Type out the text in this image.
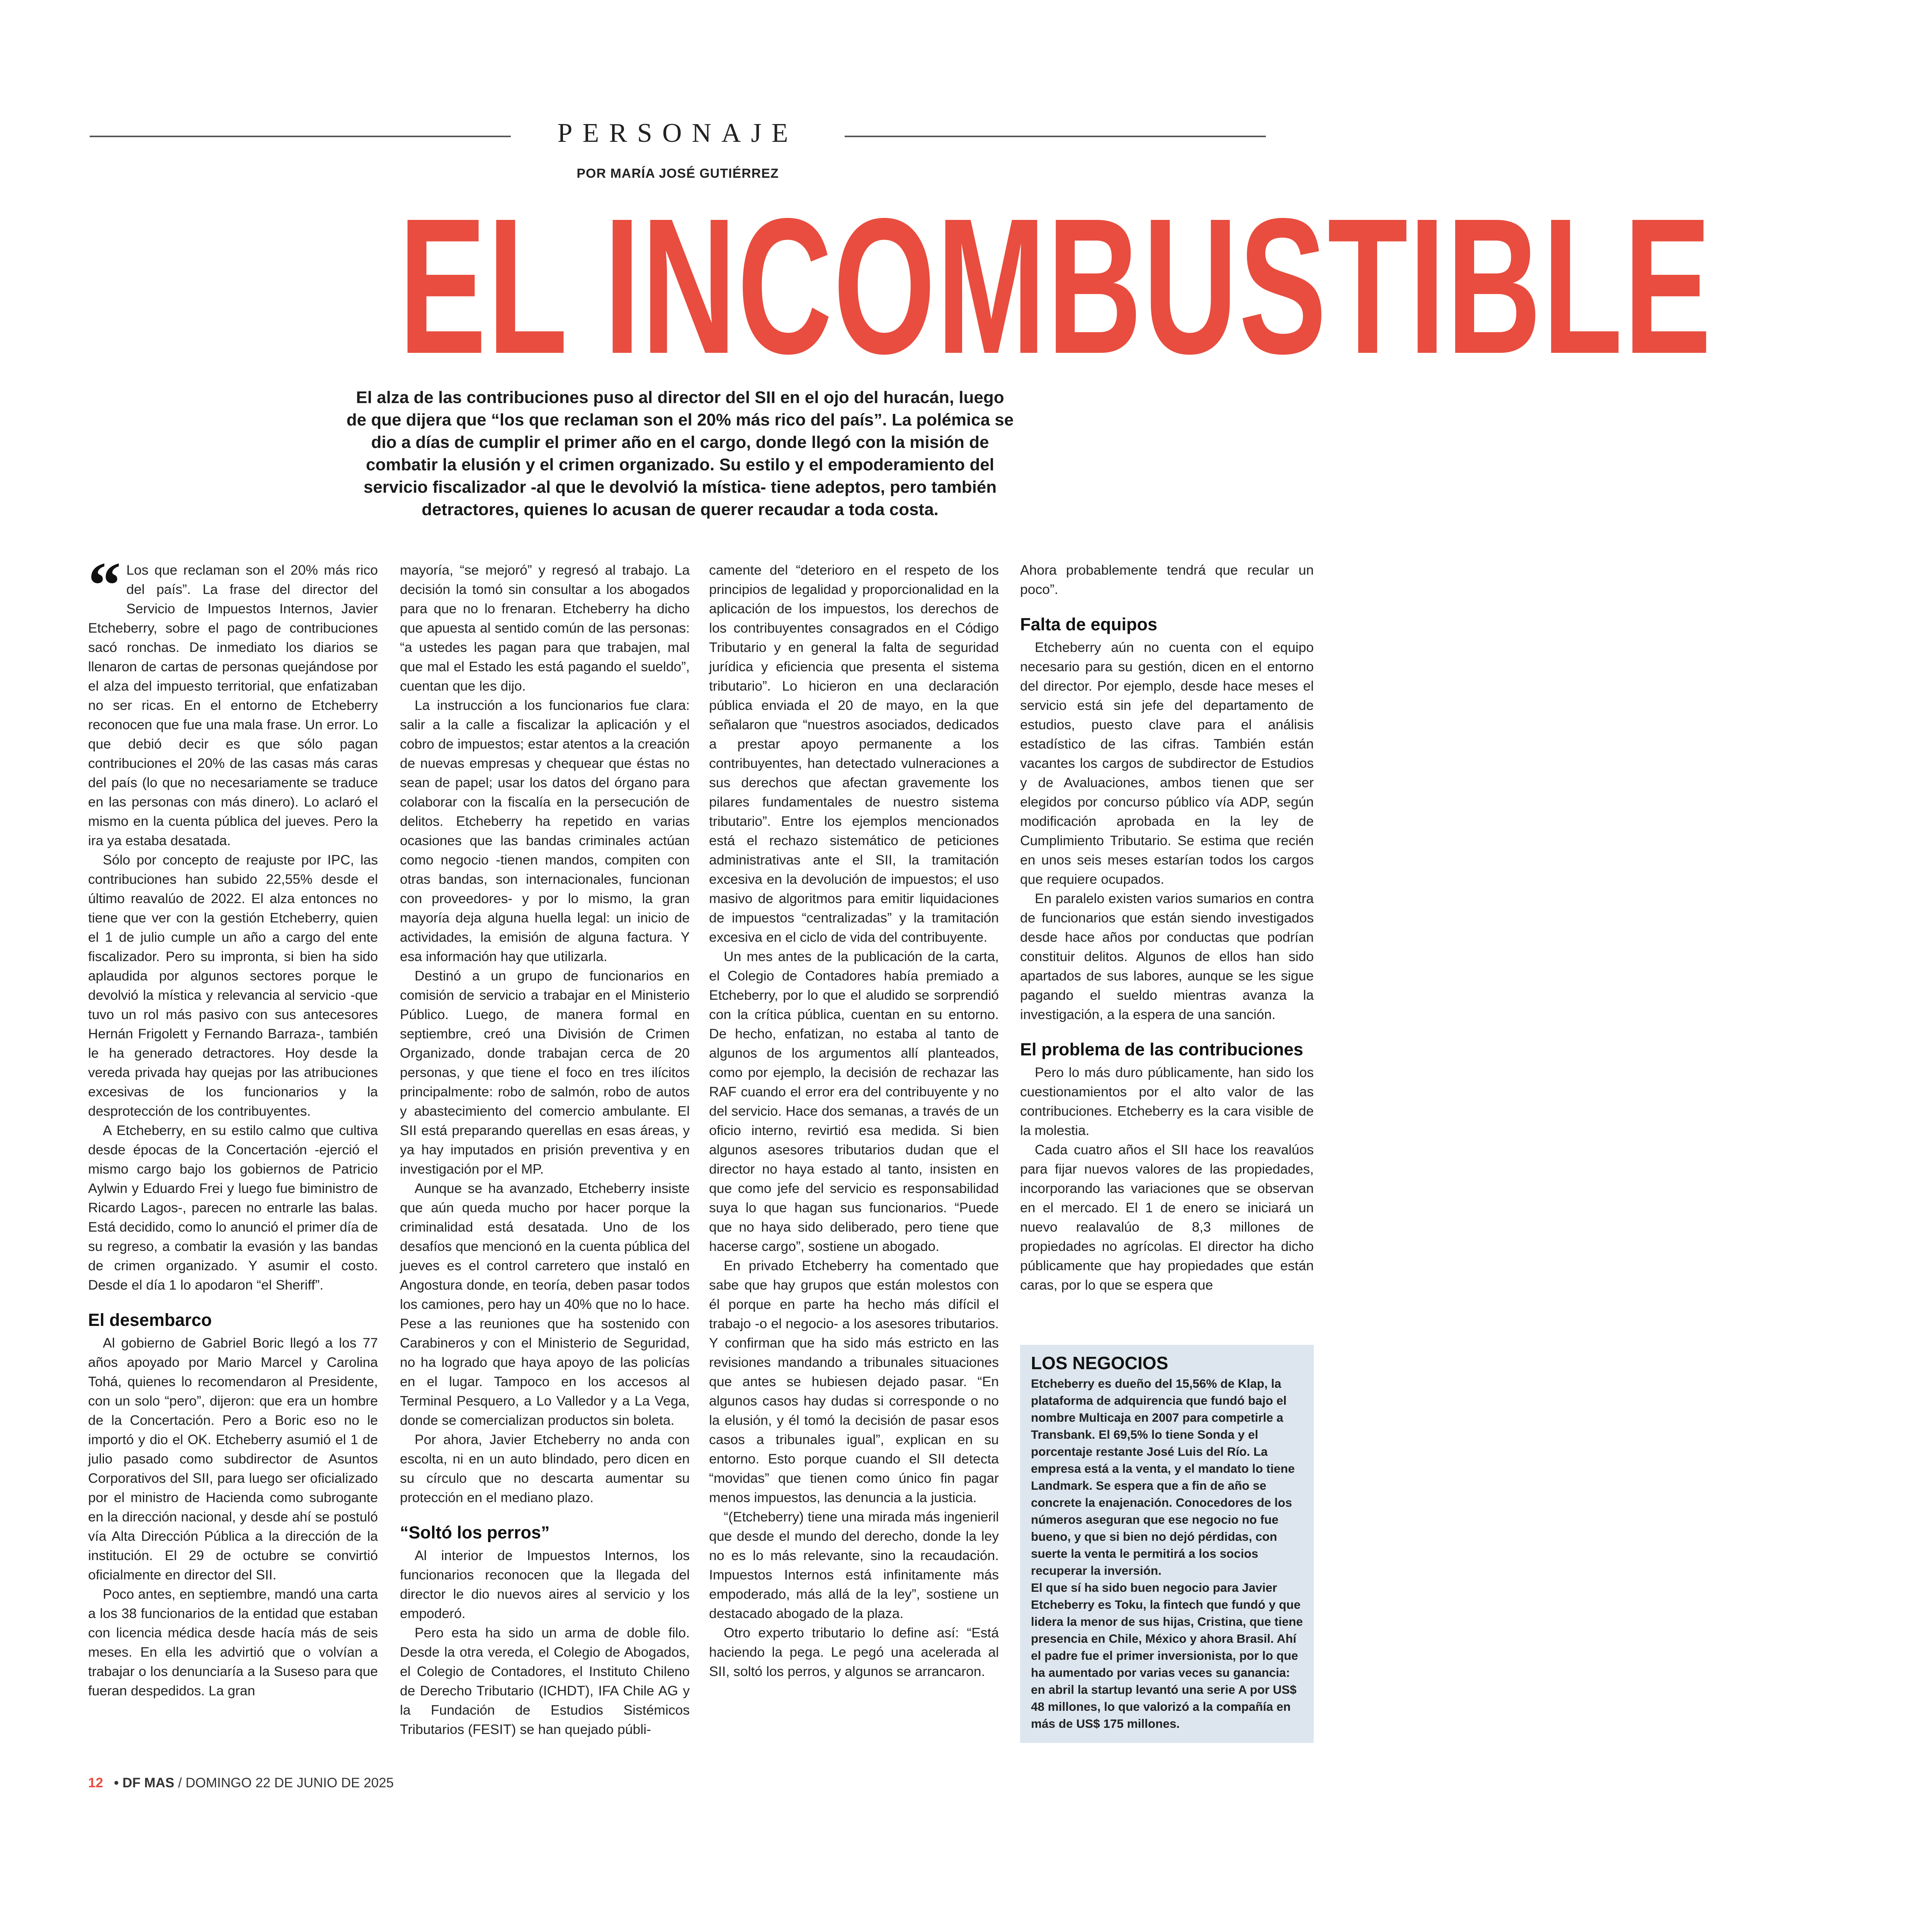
PERSONAJE
POR MARÍA JOSÉ GUTIÉRREZ
EL INCOMBUSTIBLE
El alza de las contribuciones puso al director del SII en el ojo del huracán, luego de que dijera que “los que reclaman son el 20% más rico del país”. La polémica se dio a días de cumplir el primer año en el cargo, donde llegó con la misión de combatir la elusión y el crimen organizado. Su estilo y el empoderamiento del servicio fiscalizador -al que le devolvió la mística- tiene adeptos, pero también detractores, quienes lo acusan de querer recaudar a toda costa.

“ Los que reclaman son el 20% más rico del país”. La frase del director del Servicio de Impuestos Internos, Javier Etcheberry, sobre el pago de contribuciones sacó ronchas. De inmediato los diarios se llenaron de cartas de personas quejándose por el alza del impuesto territorial, que enfatizaban no ser ricas. En el entorno de Etcheberry reconocen que fue una mala frase. Un error. Lo que debió decir es que sólo pagan contribuciones el 20% de las casas más caras del país (lo que no necesariamente se traduce en las personas con más dinero). Lo aclaró el mismo en la cuenta pública del jueves. Pero la ira ya estaba desatada.

Sólo por concepto de reajuste por IPC, las contribuciones han subido 22,55% desde el último reavalúo de 2022. El alza entonces no tiene que ver con la gestión Etcheberry, quien el 1 de julio cumple un año a cargo del ente fiscalizador. Pero su impronta, si bien ha sido aplaudida por algunos sectores porque le devolvió la mística y relevancia al servicio -que tuvo un rol más pasivo con sus antecesores Hernán Frigolett y Fernando Barraza-, también le ha generado detractores. Hoy desde la vereda privada hay quejas por las atribuciones excesivas de los funcionarios y la desprotección de los contribuyentes.

A Etcheberry, en su estilo calmo que cultiva desde épocas de la Concertación -ejerció el mismo cargo bajo los gobiernos de Patricio Aylwin y Eduardo Frei y luego fue biministro de Ricardo Lagos-, parecen no entrarle las balas. Está decidido, como lo anunció el primer día de su regreso, a combatir la evasión y las bandas de crimen organizado. Y asumir el costo. Desde el día 1 lo apodaron “el Sheriff”.

El desembarco

Al gobierno de Gabriel Boric llegó a los 77 años apoyado por Mario Marcel y Carolina Tohá, quienes lo recomendaron al Presidente, con un solo “pero”, dijeron: que era un hombre de la Concertación. Pero a Boric eso no le importó y dio el OK. Etcheberry asumió el 1 de julio pasado como subdirector de Asuntos Corporativos del SII, para luego ser oficializado por el ministro de Hacienda como subrogante en la dirección nacional, y desde ahí se postuló vía Alta Dirección Pública a la dirección de la institución. El 29 de octubre se convirtió oficialmente en director del SII.

Poco antes, en septiembre, mandó una carta a los 38 funcionarios de la entidad que estaban con licencia médica desde hacía más de seis meses. En ella les advirtió que o volvían a trabajar o los denunciaría a la Suseso para que fueran despedidos. La gran

mayoría, “se mejoró” y regresó al trabajo. La decisión la tomó sin consultar a los abogados para que no lo frenaran. Etcheberry ha dicho que apuesta al sentido común de las personas: “a ustedes les pagan para que trabajen, mal que mal el Estado les está pagando el sueldo”, cuentan que les dijo.

La instrucción a los funcionarios fue clara: salir a la calle a fiscalizar la aplicación y el cobro de impuestos; estar atentos a la creación de nuevas empresas y chequear que éstas no sean de papel; usar los datos del órgano para colaborar con la fiscalía en la persecución de delitos. Etcheberry ha repetido en varias ocasiones que las bandas criminales actúan como negocio -tienen mandos, compiten con otras bandas, son internacionales, funcionan con proveedores- y por lo mismo, la gran mayoría deja alguna huella legal: un inicio de actividades, la emisión de alguna factura. Y esa información hay que utilizarla.

Destinó a un grupo de funcionarios en comisión de servicio a trabajar en el Ministerio Público. Luego, de manera formal en septiembre, creó una División de Crimen Organizado, donde trabajan cerca de 20 personas, y que tiene el foco en tres ilícitos principalmente: robo de salmón, robo de autos y abastecimiento del comercio ambulante. El SII está preparando querellas en esas áreas, y ya hay imputados en prisión preventiva y en investigación por el MP.

Aunque se ha avanzado, Etcheberry insiste que aún queda mucho por hacer porque la criminalidad está desatada. Uno de los desafíos que mencionó en la cuenta pública del jueves es el control carretero que instaló en Angostura donde, en teoría, deben pasar todos los camiones, pero hay un 40% que no lo hace. Pese a las reuniones que ha sostenido con Carabineros y con el Ministerio de Seguridad, no ha logrado que haya apoyo de las policías en el lugar. Tampoco en los accesos al Terminal Pesquero, a Lo Valledor y a La Vega, donde se comercializan productos sin boleta.

Por ahora, Javier Etcheberry no anda con escolta, ni en un auto blindado, pero dicen en su círculo que no descarta aumentar su protección en el mediano plazo.

“Soltó los perros”

Al interior de Impuestos Internos, los funcionarios reconocen que la llegada del director le dio nuevos aires al servicio y los empoderó.

Pero esta ha sido un arma de doble filo. Desde la otra vereda, el Colegio de Abogados, el Colegio de Contadores, el Instituto Chileno de Derecho Tributario (ICHDT), IFA Chile AG y la Fundación de Estudios Sistémicos Tributarios (FESIT) se han quejado públi-

camente del “deterioro en el respeto de los principios de legalidad y proporcionalidad en la aplicación de los impuestos, los derechos de los contribuyentes consagrados en el Código Tributario y en general la falta de seguridad jurídica y eficiencia que presenta el sistema tributario”. Lo hicieron en una declaración pública enviada el 20 de mayo, en la que señalaron que “nuestros asociados, dedicados a prestar apoyo permanente a los contribuyentes, han detectado vulneraciones a sus derechos que afectan gravemente los pilares fundamentales de nuestro sistema tributario”. Entre los ejemplos mencionados está el rechazo sistemático de peticiones administrativas ante el SII, la tramitación excesiva en la devolución de impuestos; el uso masivo de algoritmos para emitir liquidaciones de impuestos “centralizadas” y la tramitación excesiva en el ciclo de vida del contribuyente.

Un mes antes de la publicación de la carta, el Colegio de Contadores había premiado a Etcheberry, por lo que el aludido se sorprendió con la crítica pública, cuentan en su entorno. De hecho, enfatizan, no estaba al tanto de algunos de los argumentos allí planteados, como por ejemplo, la decisión de rechazar las RAF cuando el error era del contribuyente y no del servicio. Hace dos semanas, a través de un oficio interno, revirtió esa medida. Si bien algunos asesores tributarios dudan que el director no haya estado al tanto, insisten en que como jefe del servicio es responsabilidad suya lo que hagan sus funcionarios. “Puede que no haya sido deliberado, pero tiene que hacerse cargo”, sostiene un abogado.

En privado Etcheberry ha comentado que sabe que hay grupos que están molestos con él porque en parte ha hecho más difícil el trabajo -o el negocio- a los asesores tributarios. Y confirman que ha sido más estricto en las revisiones mandando a tribunales situaciones que antes se hubiesen dejado pasar. “En algunos casos hay dudas si corresponde o no la elusión, y él tomó la decisión de pasar esos casos a tribunales igual”, explican en su entorno. Esto porque cuando el SII detecta “movidas” que tienen como único fin pagar menos impuestos, las denuncia a la justicia.

“(Etcheberry) tiene una mirada más ingenieril que desde el mundo del derecho, donde la ley no es lo más relevante, sino la recaudación. Impuestos Internos está infinitamente más empoderado, más allá de la ley”, sostiene un destacado abogado de la plaza.

Otro experto tributario lo define así: “Está haciendo la pega. Le pegó una acelerada al SII, soltó los perros, y algunos se arrancaron.

Ahora probablemente tendrá que recular un poco”.

Falta de equipos

Etcheberry aún no cuenta con el equipo necesario para su gestión, dicen en el entorno del director. Por ejemplo, desde hace meses el servicio está sin jefe del departamento de estudios, puesto clave para el análisis estadístico de las cifras. También están vacantes los cargos de subdirector de Estudios y de Avaluaciones, ambos tienen que ser elegidos por concurso público vía ADP, según modificación aprobada en la ley de Cumplimiento Tributario. Se estima que recién en unos seis meses estarían todos los cargos que requiere ocupados.

En paralelo existen varios sumarios en contra de funcionarios que están siendo investigados desde hace años por conductas que podrían constituir delitos. Algunos de ellos han sido apartados de sus labores, aunque se les sigue pagando el sueldo mientras avanza la investigación, a la espera de una sanción.

El problema de las contribuciones

Pero lo más duro públicamente, han sido los cuestionamientos por el alto valor de las contribuciones. Etcheberry es la cara visible de la molestia.

Cada cuatro años el SII hace los reavalúos para fijar nuevos valores de las propiedades, incorporando las variaciones que se observan en el mercado. El 1 de enero se iniciará un nuevo realavalúo de 8,3 millones de propiedades no agrícolas. El director ha dicho públicamente que hay propiedades que están caras, por lo que se espera que

LOS NEGOCIOS

Etcheberry es dueño del 15,56% de Klap, la plataforma de adquirencia que fundó bajo el nombre Multicaja en 2007 para competirle a Transbank. El 69,5% lo tiene Sonda y el porcentaje restante José Luis del Río. La empresa está a la venta, y el mandato lo tiene Landmark. Se espera que a fin de año se concrete la enajenación. Conocedores de los números aseguran que ese negocio no fue bueno, y que si bien no dejó pérdidas, con suerte la venta le permitirá a los socios recuperar la inversión.

El que sí ha sido buen negocio para Javier Etcheberry es Toku, la fintech que fundó y que lidera la menor de sus hijas, Cristina, que tiene presencia en Chile, México y ahora Brasil. Ahí el padre fue el primer inversionista, por lo que ha aumentado por varias veces su ganancia: en abril la startup levantó una serie A por US$ 48 millones, lo que valorizó a la compañía en más de US$ 175 millones.

12 • DF MAS / DOMINGO 22 DE JUNIO DE 2025
